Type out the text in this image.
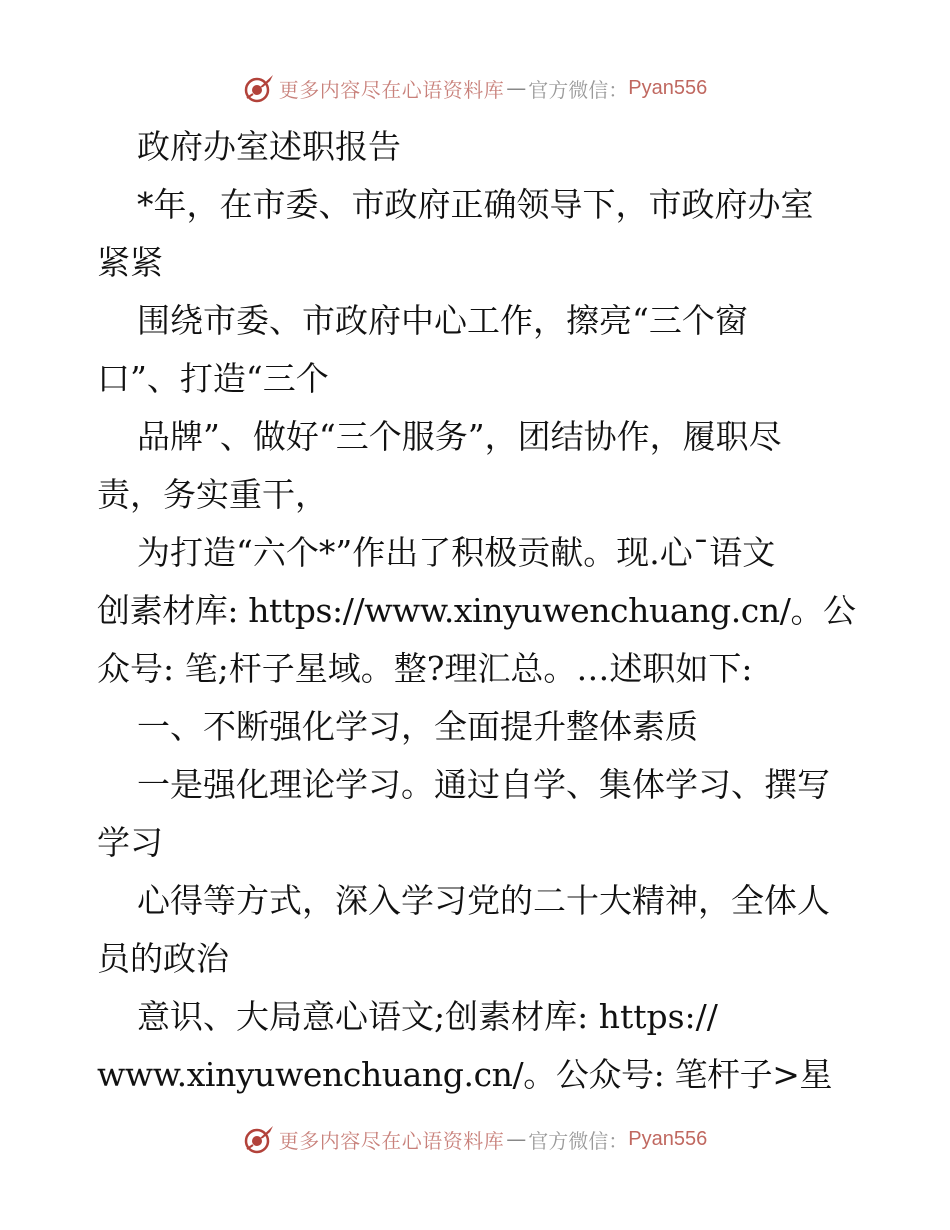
更多内容尽在心语资料库 — 官方微信： Pyan556
政府办室述职报告
*年，在市委、市政府正确领导下，市政府办室
紧紧
围绕市委、市政府中心工作，擦亮“三个窗
口”、打造“三个
品牌”、做好“三个服务”，团结协作，履职尽
责，务实重干，
为打造“六个*”作出了积极贡献。现.心¯语文
创素材库: https://www.xinyuwenchuang.cn/。公
众号: 笔;杆子星域。整?理汇总。…述职如下:
一、不断强化学习，全面提升整体素质
一是强化理论学习。通过自学、集体学习、撰写
学习
心得等方式，深入学习党的二十大精神，全体人
员的政治
意识、大局意心语文;创素材库: https://
www.xinyuwenchuang.cn/。公众号: 笔杆子>星
更多内容尽在心语资料库 — 官方微信： Pyan556
